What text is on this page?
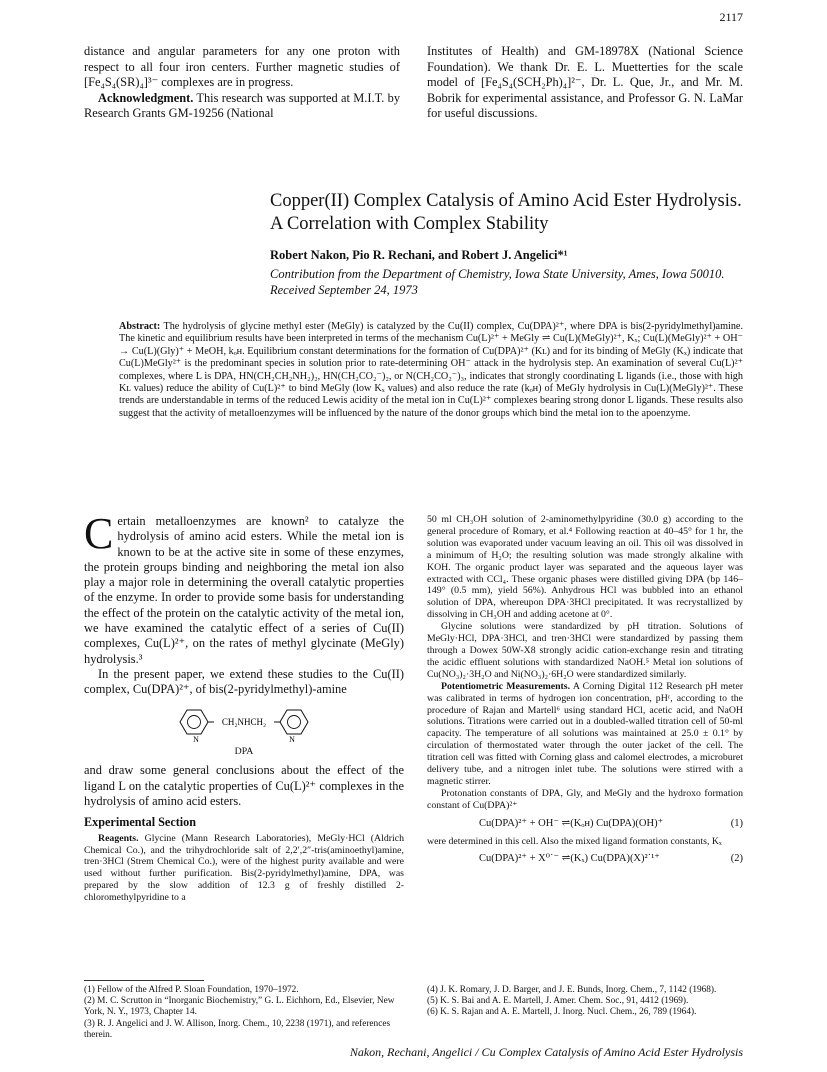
2117

distance and angular parameters for any one proton with respect to all four iron centers. Further magnetic studies of [Fe₄S₄(SR)₄]³⁻ complexes are in progress.

Acknowledgment. This research was supported at M.I.T. by Research Grants GM-19256 (National

Institutes of Health) and GM-18978X (National Science Foundation). We thank Dr. E. L. Muetterties for the scale model of [Fe₄S₄(SCH₂Ph)₄]²⁻, Dr. L. Que, Jr., and Mr. M. Bobrik for experimental assistance, and Professor G. N. LaMar for useful discussions.

Copper(II) Complex Catalysis of Amino Acid Ester Hydrolysis. A Correlation with Complex Stability
Robert Nakon, Pio R. Rechani, and Robert J. Angelici*¹
Contribution from the Department of Chemistry, Iowa State University, Ames, Iowa 50010. Received September 24, 1973
Abstract: The hydrolysis of glycine methyl ester (MeGly) is catalyzed by the Cu(II) complex, Cu(DPA)²⁺, where DPA is bis(2-pyridylmethyl)amine. The kinetic and equilibrium results have been interpreted in terms of the mechanism Cu(L)²⁺ + MeGly ⇌ Cu(L)(MeGly)²⁺, Kₓ; Cu(L)(MeGly)²⁺ + OH⁻ → Cu(L)(Gly)⁺ + MeOH, kₒʜ. Equilibrium constant determinations for the formation of Cu(DPA)²⁺ (Kʟ) and for its binding of MeGly (Kₓ) indicate that Cu(L)MeGly²⁺ is the predominant species in solution prior to rate-determining OH⁻ attack in the hydrolysis step. An examination of several Cu(L)²⁺ complexes, where L is DPA, HN(CH₂CH₂NH₂)₂, HN(CH₂CO₂⁻)₂, or N(CH₂CO₂⁻)₃, indicates that strongly coordinating L ligands (i.e., those with high Kʟ values) reduce the ability of Cu(L)²⁺ to bind MeGly (low Kₓ values) and also reduce the rate (kₒʜ) of MeGly hydrolysis in Cu(L)(MeGly)²⁺. These trends are understandable in terms of the reduced Lewis acidity of the metal ion in Cu(L)²⁺ complexes bearing strong donor L ligands. These results also suggest that the activity of metalloenzymes will be influenced by the nature of the donor groups which bind the metal ion to the apoenzyme.

Certain metalloenzymes are known² to catalyze the hydrolysis of amino acid esters. While the metal ion is known to be at the active site in some of these enzymes, the protein groups binding and neighboring the metal ion also play a major role in determining the overall catalytic properties of the enzyme. In order to provide some basis for understanding the effect of the protein on the catalytic activity of the metal ion, we have examined the catalytic effect of a series of Cu(II) complexes, Cu(L)²⁺, on the rates of methyl glycinate (MeGly) hydrolysis.³

In the present paper, we extend these studies to the Cu(II) complex, Cu(DPA)²⁺, of bis(2-pyridylmethyl)-amine

CH₂NHCH₂
N	N
DPA

and draw some general conclusions about the effect of the ligand L on the catalytic properties of Cu(L)²⁺ complexes in the hydrolysis of amino acid esters.

Experimental Section

Reagents. Glycine (Mann Research Laboratories), MeGly·HCl (Aldrich Chemical Co.), and the trihydrochloride salt of 2,2′,2″-tris(aminoethyl)amine, tren·3HCl (Strem Chemical Co.), were of the highest purity available and were used without further purification. Bis(2-pyridylmethyl)amine, DPA, was prepared by the slow addition of 12.3 g of freshly distilled 2-chloromethylpyridine to a

50 ml CH₃OH solution of 2-aminomethylpyridine (30.0 g) according to the general procedure of Romary, et al.⁴ Following reaction at 40–45° for 1 hr, the solution was evaporated under vacuum leaving an oil. This oil was dissolved in a minimum of H₂O; the resulting solution was made strongly alkaline with KOH. The organic product layer was separated and the aqueous layer was extracted with CCl₄. These organic phases were distilled giving DPA (bp 146–149° (0.5 mm), yield 56%). Anhydrous HCl was bubbled into an ethanol solution of DPA, whereupon DPA·3HCl precipitated. It was recrystallized by dissolving in CH₃OH and adding acetone at 0°.

Glycine solutions were standardized by pH titration. Solutions of MeGly·HCl, DPA·3HCl, and tren·3HCl were standardized by passing them through a Dowex 50W-X8 strongly acidic cation-exchange resin and titrating the acidic effluent solutions with standardized NaOH.⁵ Metal ion solutions of Cu(NO₃)₂·3H₂O and Ni(NO₃)₂·6H₂O were standardized similarly.

Potentiometric Measurements. A Corning Digital 112 Research pH meter was calibrated in terms of hydrogen ion concentration, pHᶜ, according to the procedure of Rajan and Martell⁶ using standard HCl, acetic acid, and NaOH solutions. Titrations were carried out in a doubled-walled titration cell of 50-ml capacity. The temperature of all solutions was maintained at 25.0 ± 0.1° by circulation of thermostated water through the outer jacket of the cell. The titration cell was fitted with Corning glass and calomel electrodes, a microburet delivery tube, and a nitrogen inlet tube. The solutions were stirred with a magnetic stirrer.

Protonation constants of DPA, Gly, and MeGly and the hydroxo formation constant of Cu(DPA)²⁺

Cu(DPA)²⁺ + OH⁻ ⇌(Kₒʜ) Cu(DPA)(OH)⁺	(1)

were determined in this cell. Also the mixed ligand formation constants, Kₓ

Cu(DPA)²⁺ + X⁰˙⁻ ⇌(Kₓ) Cu(DPA)(X)²˙¹⁺	(2)

(1) Fellow of the Alfred P. Sloan Foundation, 1970–1972.

(2) M. C. Scrutton in “Inorganic Biochemistry,” G. L. Eichhorn, Ed., Elsevier, New York, N. Y., 1973, Chapter 14.

(3) R. J. Angelici and J. W. Allison, Inorg. Chem., 10, 2238 (1971), and references therein.

(4) J. K. Romary, J. D. Barger, and J. E. Bunds, Inorg. Chem., 7, 1142 (1968).

(5) K. S. Bai and A. E. Martell, J. Amer. Chem. Soc., 91, 4412 (1969).

(6) K. S. Rajan and A. E. Martell, J. Inorg. Nucl. Chem., 26, 789 (1964).

Nakon, Rechani, Angelici / Cu Complex Catalysis of Amino Acid Ester Hydrolysis
